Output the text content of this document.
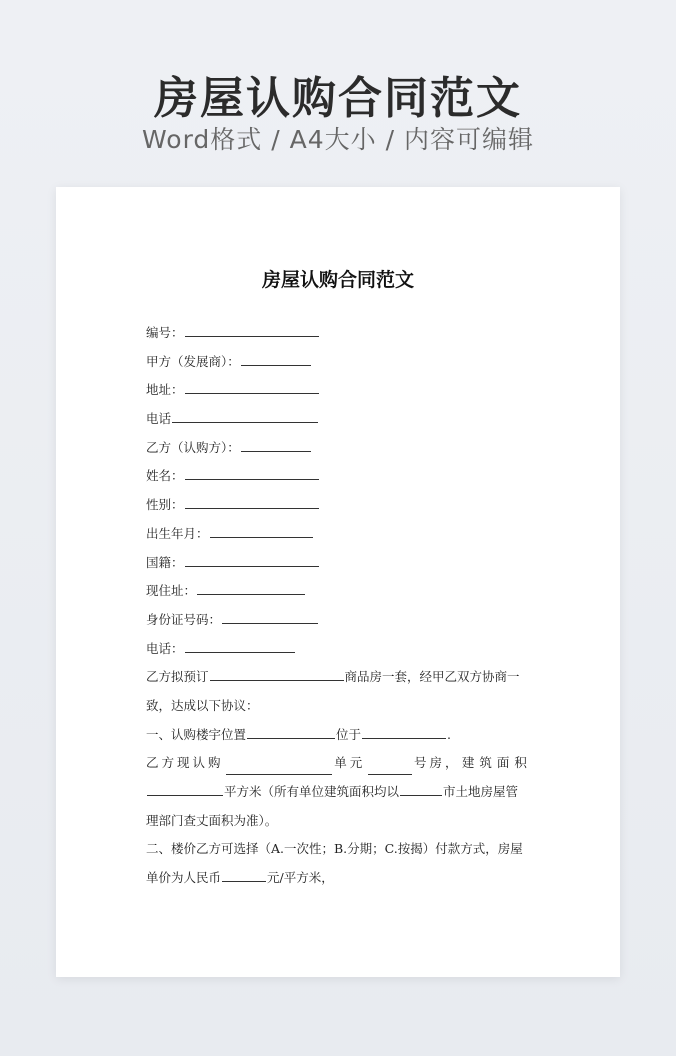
房屋认购合同范文
Word格式 / A4大小 / 内容可编辑
房屋认购合同范文
编号：
甲方（发展商）：
地址：
电话
乙方（认购方）：
姓名：
性别：
出生年月：
国籍：
现住址：
身份证号码：
电话：
乙方拟预订	商品房一套，经甲乙双方协商一
致，达成以下协议：
一、认购楼宇位置	位于	.
乙方现认购	单元	号房， 建筑面积
平方米（所有单位建筑面积均以	市土地房屋管
理部门查丈面积为准）。
二、楼价乙方可选择（A.一次性；B.分期；C.按揭）付款方式，房屋
单价为人民币	元/平方米，
